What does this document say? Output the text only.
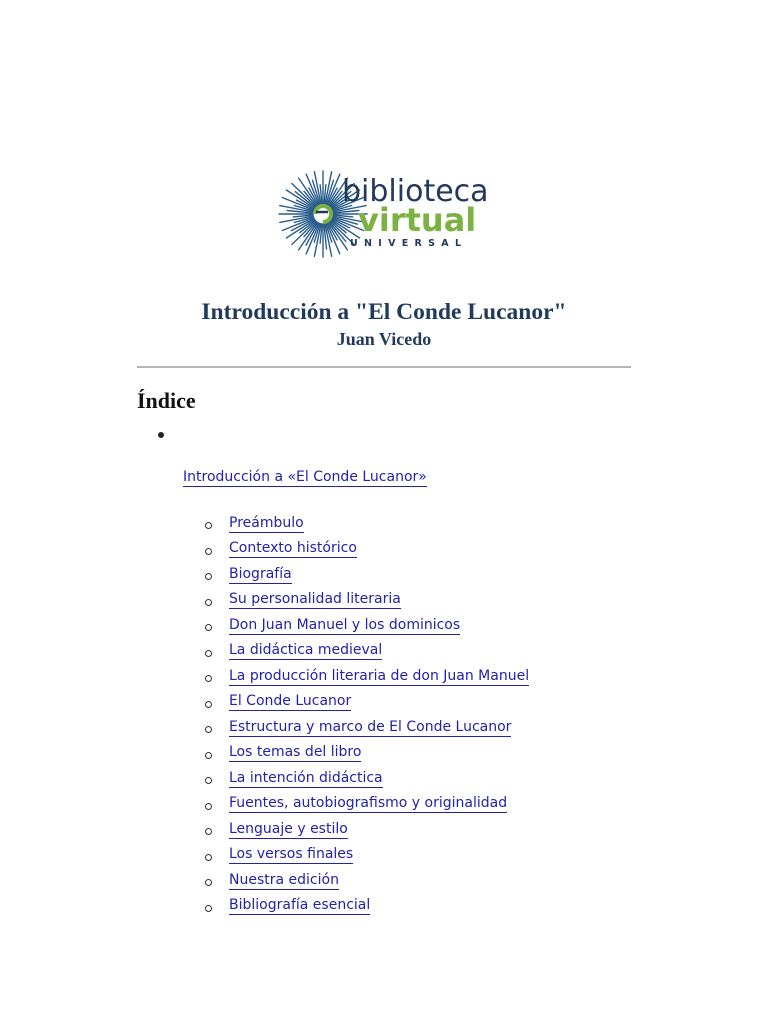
biblioteca
virtual
UNIVERSAL
Introducción a "El Conde Lucanor"
Juan Vicedo
Índice
Introducción a «El Conde Lucanor»
Preámbulo
Contexto histórico
Biografía
Su personalidad literaria
Don Juan Manuel y los dominicos
La didáctica medieval
La producción literaria de don Juan Manuel
El Conde Lucanor
Estructura y marco de El Conde Lucanor
Los temas del libro
La intención didáctica
Fuentes, autobiografismo y originalidad
Lenguaje y estilo
Los versos finales
Nuestra edición
Bibliografía esencial
